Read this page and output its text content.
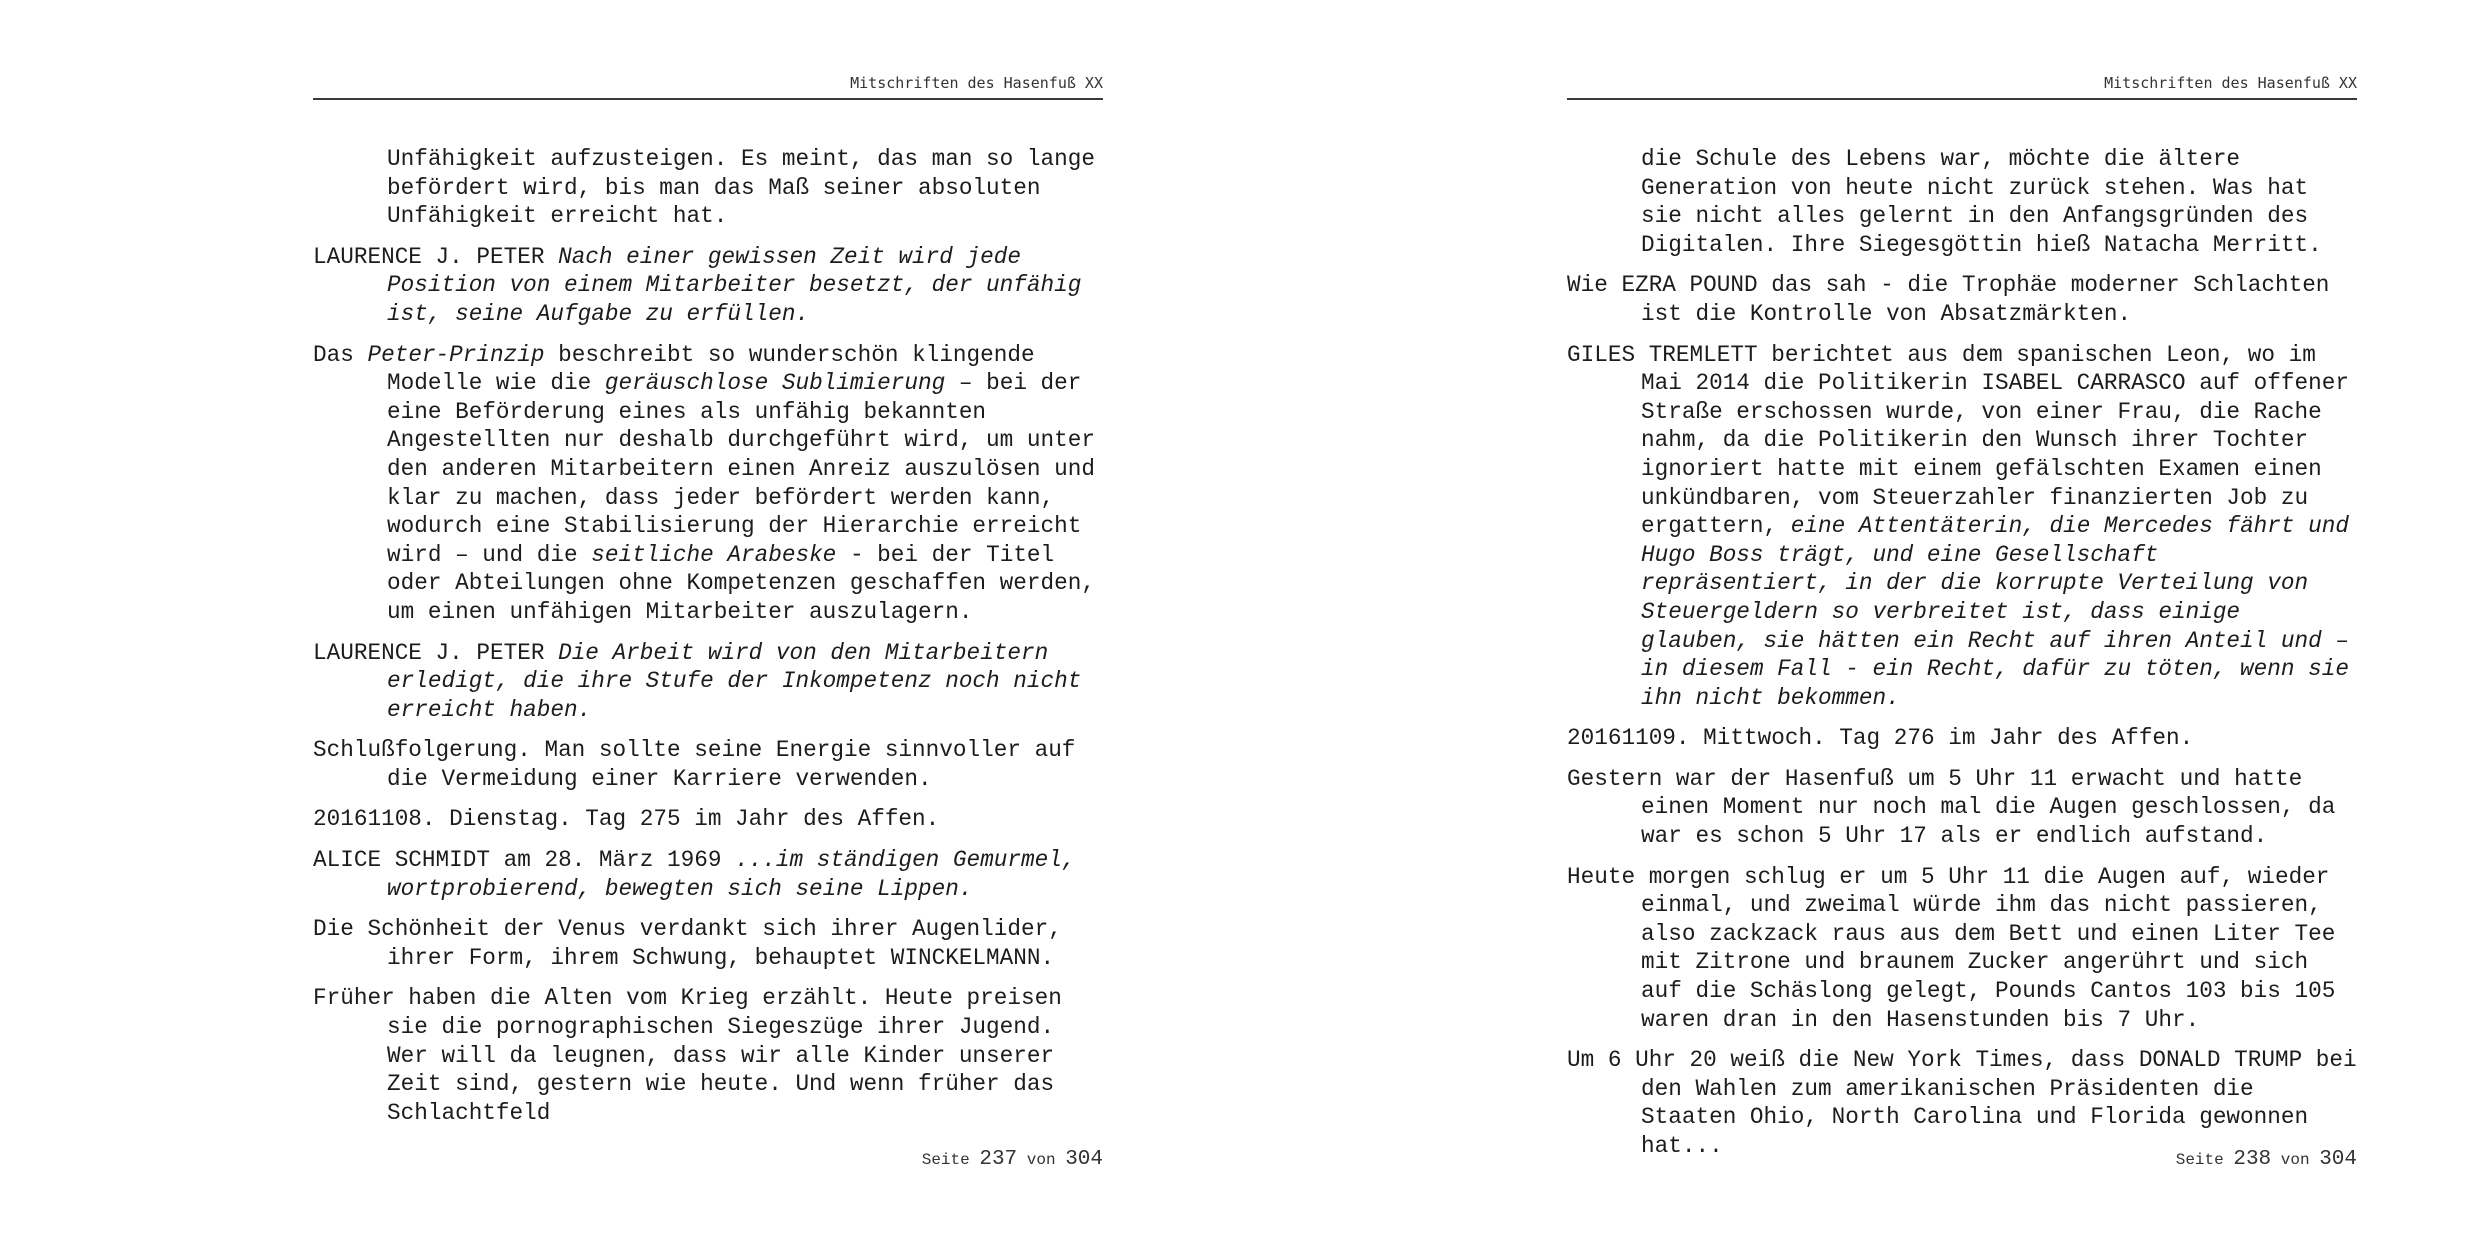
Mitschriften des Hasenfuß XX

Unfähigkeit aufzusteigen. Es meint, das man so lange befördert wird, bis man das Maß seiner absoluten Unfähigkeit erreicht hat.

LAURENCE J. PETER Nach einer gewissen Zeit wird jede Position von einem Mitarbeiter besetzt, der unfähig ist, seine Aufgabe zu erfüllen.

Das Peter-Prinzip beschreibt so wunderschön klingende Modelle wie die geräuschlose Sublimierung – bei der eine Beförderung eines als unfähig bekannten Angestellten nur deshalb durchgeführt wird, um unter den anderen Mitarbeitern einen Anreiz auszulösen und klar zu machen, dass jeder befördert werden kann, wodurch eine Stabilisierung der Hierarchie erreicht wird – und die seitliche Arabeske - bei der Titel oder Abteilungen ohne Kompetenzen geschaffen werden, um einen unfähigen Mitarbeiter auszulagern.

LAURENCE J. PETER Die Arbeit wird von den Mitarbeitern erledigt, die ihre Stufe der Inkompetenz noch nicht erreicht haben.

Schlußfolgerung. Man sollte seine Energie sinnvoller auf die Vermeidung einer Karriere verwenden.

20161108. Dienstag. Tag 275 im Jahr des Affen.

ALICE SCHMIDT am 28. März 1969 ...im ständigen Gemurmel, wortprobierend, bewegten sich seine Lippen.

Die Schönheit der Venus verdankt sich ihrer Augenlider, ihrer Form, ihrem Schwung, behauptet WINCKELMANN.

Früher haben die Alten vom Krieg erzählt. Heute preisen sie die pornographischen Siegeszüge ihrer Jugend. Wer will da leugnen, dass wir alle Kinder unserer Zeit sind, gestern wie heute. Und wenn früher das Schlachtfeld

Seite 237 von 304
Mitschriften des Hasenfuß XX

die Schule des Lebens war, möchte die ältere Generation von heute nicht zurück stehen. Was hat sie nicht alles gelernt in den Anfangsgründen des Digitalen. Ihre Siegesgöttin hieß Natacha Merritt.

Wie EZRA POUND das sah - die Trophäe moderner Schlachten ist die Kontrolle von Absatzmärkten.

GILES TREMLETT berichtet aus dem spanischen Leon, wo im Mai 2014 die Politikerin ISABEL CARRASCO auf offener Straße erschossen wurde, von einer Frau, die Rache nahm, da die Politikerin den Wunsch ihrer Tochter ignoriert hatte mit einem gefälschten Examen einen unkündbaren, vom Steuerzahler finanzierten Job zu ergattern, eine Attentäterin, die Mercedes fährt und Hugo Boss trägt, und eine Gesellschaft repräsentiert, in der die korrupte Verteilung von Steuergeldern so verbreitet ist, dass einige glauben, sie hätten ein Recht auf ihren Anteil und – in diesem Fall - ein Recht, dafür zu töten, wenn sie ihn nicht bekommen.

20161109. Mittwoch. Tag 276 im Jahr des Affen.

Gestern war der Hasenfuß um 5 Uhr 11 erwacht und hatte einen Moment nur noch mal die Augen geschlossen, da war es schon 5 Uhr 17 als er endlich aufstand.

Heute morgen schlug er um 5 Uhr 11 die Augen auf, wieder einmal, und zweimal würde ihm das nicht passieren, also zackzack raus aus dem Bett und einen Liter Tee mit Zitrone und braunem Zucker angerührt und sich auf die Schäslong gelegt, Pounds Cantos 103 bis 105 waren dran in den Hasenstunden bis 7 Uhr.

Um 6 Uhr 20 weiß die New York Times, dass DONALD TRUMP bei den Wahlen zum amerikanischen Präsidenten die Staaten Ohio, North Carolina und Florida gewonnen hat...

Seite 238 von 304
